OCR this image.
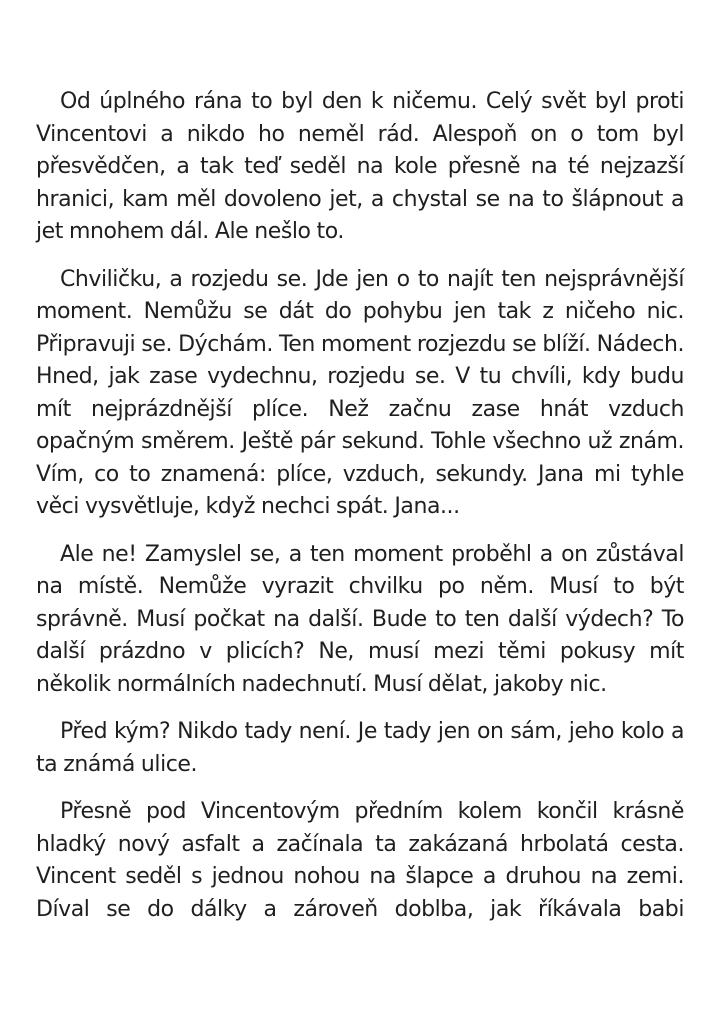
Od úplného rána to byl den k ničemu. Celý svět byl proti Vincentovi a nikdo ho neměl rád. Alespoň on o tom byl přesvědčen, a tak teď seděl na kole přesně na té nejzazší hranici, kam měl dovoleno jet, a chystal se na to šlápnout a jet mnohem dál. Ale nešlo to.

Chviličku, a rozjedu se. Jde jen o to najít ten nejsprávnější moment. Nemůžu se dát do pohybu jen tak z ničeho nic. Připravuji se. Dýchám. Ten moment rozjezdu se blíží. Nádech. Hned, jak zase vydechnu, rozjedu se. V tu chvíli, kdy budu mít nejprázdnější plíce. Než začnu zase hnát vzduch opačným směrem. Ještě pár sekund. Tohle všechno už znám. Vím, co to znamená: plíce, vzduch, sekundy. Jana mi tyhle věci vysvětluje, když nechci spát. Jana...

Ale ne! Zamyslel se, a ten moment proběhl a on zůstával na místě. Nemůže vyrazit chvilku po něm. Musí to být správně. Musí počkat na další. Bude to ten další výdech? To další prázdno v plicích? Ne, musí mezi těmi pokusy mít několik normálních nadechnutí. Musí dělat, jakoby nic.

Před kým? Nikdo tady není. Je tady jen on sám, jeho kolo a ta známá ulice.

Přesně pod Vincentovým předním kolem končil krásně hladký nový asfalt a začínala ta zakázaná hrbolatá cesta. Vincent seděl s jednou nohou na šlapce a druhou na zemi. Díval se do dálky a zároveň doblba, jak říkávala babi
